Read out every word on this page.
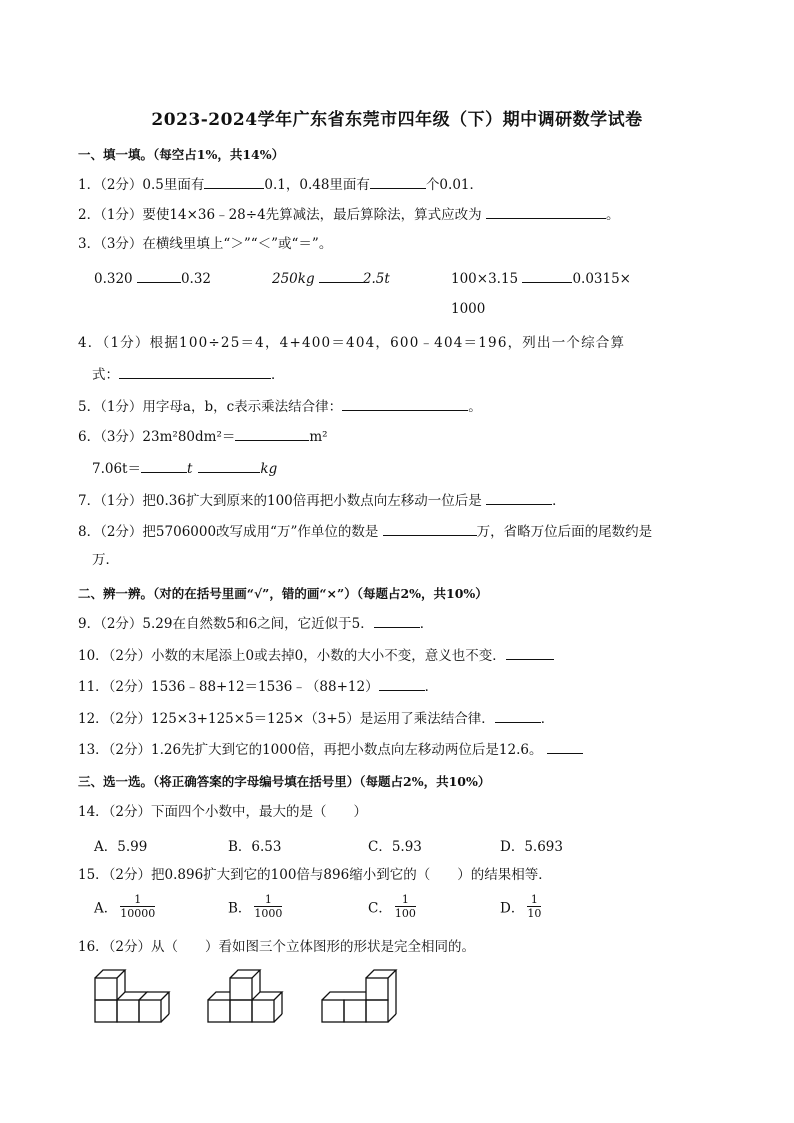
2023-2024学年广东省东莞市四年级（下）期中调研数学试卷
一、填一填。（每空占1%，共14%）
1．（2分）0.5里面有	0.1，0.48里面有	个0.01．
2．（1分）要使14×36﹣28÷4先算减法，最后算除法，算式应改为	。
3．（3分）在横线里填上“＞”“＜”或“＝”。
0.320	0.32	250kg	2.5t	100×3.15	0.0315×
1000
4．（1分）根据100÷25＝4，4+400＝404，600﹣404＝196，列出一个综合算
式：	．
5．（1分）用字母a，b，c表示乘法结合律：	。
6．（3分）23m²80dm²＝	m²
7.06t＝	t	kg
7．（1分）把0.36扩大到原来的100倍再把小数点向左移动一位后是	．
8．（2分）把5706000改写成用“万”作单位的数是	万，省略万位后面的尾数约是
万．
二、辨一辨。（对的在括号里画“√”，错的画“×”）（每题占2%，共10%）
9．（2分）5.29在自然数5和6之间，它近似于5．	．
10．（2分）小数的末尾添上0或去掉0，小数的大小不变，意义也不变．
11．（2分）1536﹣88+12＝1536﹣（88+12）	．
12．（2分）125×3+125×5＝125×（3+5）是运用了乘法结合律．	．
13．（2分）1.26先扩大到它的1000倍，再把小数点向左移动两位后是12.6。
三、选一选。（将正确答案的字母编号填在括号里）（每题占2%，共10%）
14．（2分）下面四个小数中，最大的是（　　）
A．5.99	B．6.53	C．5.93	D．5.693
15．（2分）把0.896扩大到它的100倍与896缩小到它的（　　）的结果相等．
A． $\frac{1}{10000}$	B． $\frac{1}{1000}$	C． $\frac{1}{100}$	D． $\frac{1}{10}$
16．（2分）从（　　）看如图三个立体图形的形状是完全相同的。
